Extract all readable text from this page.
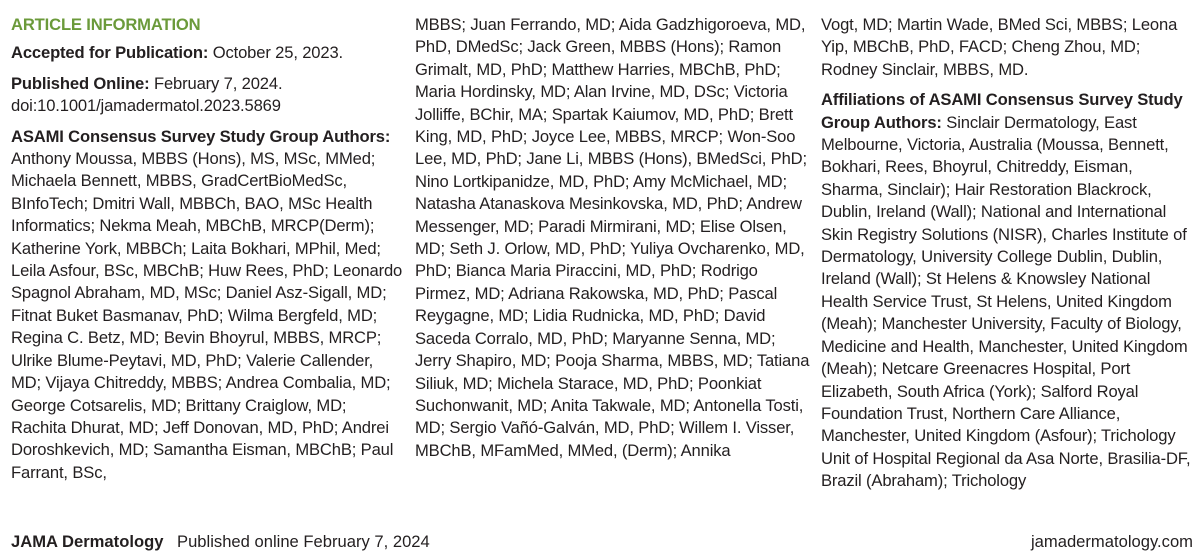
ARTICLE INFORMATION

Accepted for Publication: October 25, 2023.

Published Online: February 7, 2024.
doi:10.1001/jamadermatol.2023.5869

ASAMI Consensus Survey Study Group Authors: Anthony Moussa, MBBS (Hons), MS, MSc, MMed; Michaela Bennett, MBBS, GradCertBioMedSc, BInfoTech; Dmitri Wall, MBBCh, BAO, MSc Health Informatics; Nekma Meah, MBChB, MRCP(Derm); Katherine York, MBBCh; Laita Bokhari, MPhil, Med; Leila Asfour, BSc, MBChB; Huw Rees, PhD; Leonardo Spagnol Abraham, MD, MSc; Daniel Asz-Sigall, MD; Fitnat Buket Basmanav, PhD; Wilma Bergfeld, MD; Regina C. Betz, MD; Bevin Bhoyrul, MBBS, MRCP; Ulrike Blume-Peytavi, MD, PhD; Valerie Callender, MD; Vijaya Chitreddy, MBBS; Andrea Combalia, MD; George Cotsarelis, MD; Brittany Craiglow, MD; Rachita Dhurat, MD; Jeff Donovan, MD, PhD; Andrei Doroshkevich, MD; Samantha Eisman, MBChB; Paul Farrant, BSc,

MBBS; Juan Ferrando, MD; Aida Gadzhigoroeva, MD, PhD, DMedSc; Jack Green, MBBS (Hons); Ramon Grimalt, MD, PhD; Matthew Harries, MBChB, PhD; Maria Hordinsky, MD; Alan Irvine, MD, DSc; Victoria Jolliffe, BChir, MA; Spartak Kaiumov, MD, PhD; Brett King, MD, PhD; Joyce Lee, MBBS, MRCP; Won-Soo Lee, MD, PhD; Jane Li, MBBS (Hons), BMedSci, PhD; Nino Lortkipanidze, MD, PhD; Amy McMichael, MD; Natasha Atanaskova Mesinkovska, MD, PhD; Andrew Messenger, MD; Paradi Mirmirani, MD; Elise Olsen, MD; Seth J. Orlow, MD, PhD; Yuliya Ovcharenko, MD, PhD; Bianca Maria Piraccini, MD, PhD; Rodrigo Pirmez, MD; Adriana Rakowska, MD, PhD; Pascal Reygagne, MD; Lidia Rudnicka, MD, PhD; David Saceda Corralo, MD, PhD; Maryanne Senna, MD; Jerry Shapiro, MD; Pooja Sharma, MBBS, MD; Tatiana Siliuk, MD; Michela Starace, MD, PhD; Poonkiat Suchonwanit, MD; Anita Takwale, MD; Antonella Tosti, MD; Sergio Vañó-Galván, MD, PhD; Willem I. Visser, MBChB, MFamMed, MMed, (Derm); Annika

Vogt, MD; Martin Wade, BMed Sci, MBBS; Leona Yip, MBChB, PhD, FACD; Cheng Zhou, MD; Rodney Sinclair, MBBS, MD.

Affiliations of ASAMI Consensus Survey Study Group Authors: Sinclair Dermatology, East Melbourne, Victoria, Australia (Moussa, Bennett, Bokhari, Rees, Bhoyrul, Chitreddy, Eisman, Sharma, Sinclair); Hair Restoration Blackrock, Dublin, Ireland (Wall); National and International Skin Registry Solutions (NISR), Charles Institute of Dermatology, University College Dublin, Dublin, Ireland (Wall); St Helens & Knowsley National Health Service Trust, St Helens, United Kingdom (Meah); Manchester University, Faculty of Biology, Medicine and Health, Manchester, United Kingdom (Meah); Netcare Greenacres Hospital, Port Elizabeth, South Africa (York); Salford Royal Foundation Trust, Northern Care Alliance, Manchester, United Kingdom (Asfour); Trichology Unit of Hospital Regional da Asa Norte, Brasilia-DF, Brazil (Abraham); Trichology

JAMA Dermatology Published online February 7, 2024	jamadermatology.com
